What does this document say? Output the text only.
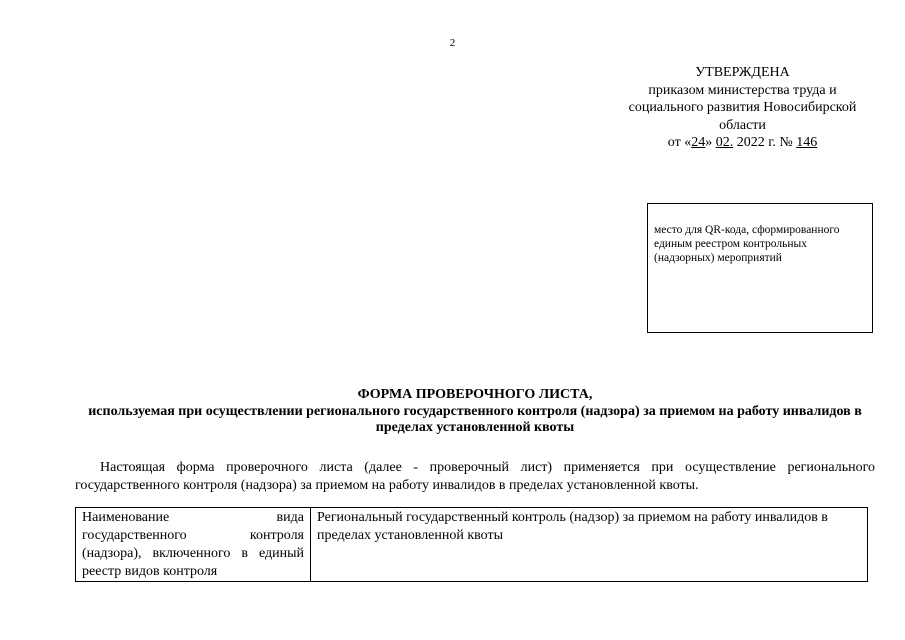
2
УТВЕРЖДЕНА
приказом министерства труда и
социального развития Новосибирской
области
от «24» 02. 2022 г. № 146
место для QR-кода, сформированного единым реестром контрольных (надзорных) мероприятий
ФОРМА ПРОВЕРОЧНОГО ЛИСТА,
используемая при осуществлении регионального государственного контроля (надзора) за приемом на работу инвалидов в пределах установленной квоты
Настоящая форма проверочного листа (далее - проверочный лист) применяется при осуществление регионального государственного контроля (надзора) за приемом на работу инвалидов в пределах установленной квоты.
Наименование вида государственного контроля (надзора), включенного в единый реестр видов контроля	Региональный государственный контроль (надзор) за приемом на работу инвалидов в пределах установленной квоты
